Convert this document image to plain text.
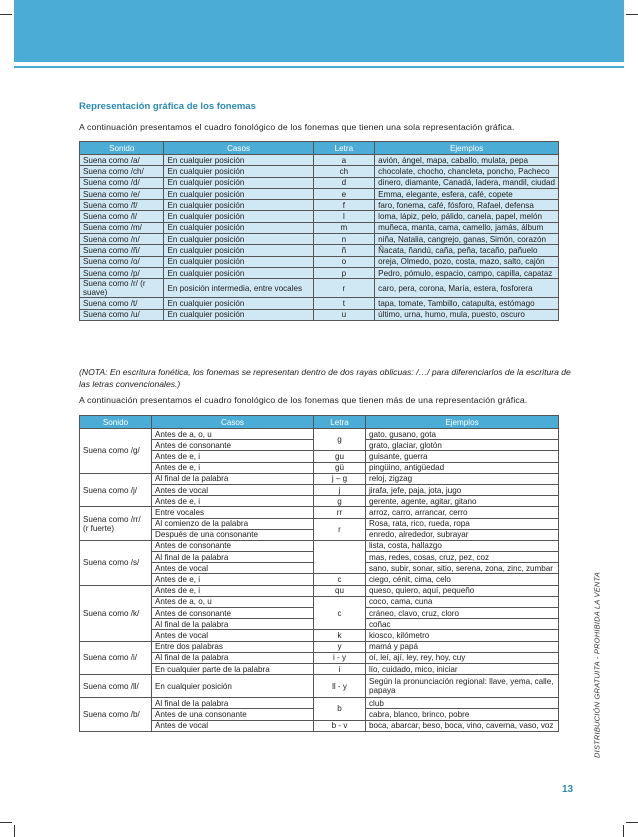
Representación gráfica de los fonemas
A continuación presentamos el cuadro fonológico de los fonemas que tienen una sola representación gráfica.
Sonido	Casos	Letra	Ejemplos
Suena como /a/	En cualquier posición	a	avión, ángel, mapa, caballo, mulata, pepa
Suena como /ch/	En cualquier posición	ch	chocolate, chocho, chancleta, poncho, Pacheco
Suena como /d/	En cualquier posición	d	dinero, diamante, Canadá, ladera, mandil, ciudad
Suena como /e/	En cualquier posición	e	Emma, elegante, esfera, café, copete
Suena como /f/	En cualquier posición	f	faro, fonema, café, fósforo, Rafael, defensa
Suena como /l/	En cualquier posición	l	loma, lápiz, pelo, pálido, canela, papel, melón
Suena como /m/	En cualquier posición	m	muñeca, manta, cama, camello, jamás, álbum
Suena como /n/	En cualquier posición	n	niña, Natalia, cangrejo, ganas, Simón, corazón
Suena como /ñ/	En cualquier posición	ñ	Ñacata, ñandú, caña, peña, tacaño, pañuelo
Suena como /o/	En cualquier posición	o	oreja, Olmedo, pozo, costa, mazo, salto, cajón
Suena como /p/	En cualquier posición	p	Pedro, pómulo, espacio, campo, capilla, capataz
Suena como /r/ (r suave)	En posición intermedia, entre vocales	r	caro, pera, corona, María, estera, fosforera
Suena como /t/	En cualquier posición	t	tapa, tomate, Tambillo, catapulta, estómago
Suena como /u/	En cualquier posición	u	último, urna, humo, mula, puesto, oscuro
(NOTA: En escritura fonética, los fonemas se representan dentro de dos rayas oblicuas: /…/ para diferenciarlos de la escritura de las letras convencionales.)
A continuación presentamos el cuadro fonológico de los fonemas que tienen más de una representación gráfica.
Sonido	Casos	Letra	Ejemplos
Suena como /g/	Antes de a, o, u	g	gato, gusano, gota
	Antes de consonante		grato, glaciar, glotón
	Antes de e, i	gu	guisante, guerra
	Antes de e, i	gü	pingüino, antigüedad
Suena como /j/	Al final de la palabra	j – g	reloj, zigzag
	Antes de vocal	j	jirafa, jefe, paja, jota, jugo
	Antes de e, i	g	gerente, agente, agitar, gitano
Suena como /rr/ (r fuerte)	Entre vocales	rr	arroz, carro, arrancar, cerro
	Al comienzo de la palabra	r	Rosa, rata, rico, rueda, ropa
	Después de una consonante		enredo, alrededor, subrayar
Suena como /s/	Antes de consonante		lista, costa, hallazgo
	Al final de la palabra		mas, redes, cosas, cruz, pez, coz
	Antes de vocal		sano, subir, sonar, sitio, serena, zona, zinc, zumbar
	Antes de e, i	c	ciego, cénit, cima, celo
Suena como /k/	Antes de e, i	qu	queso, quiero, aquí, pequeño
	Antes de a, o, u	c	coco, cama, cuna
	Antes de consonante		cráneo, clavo, cruz, cloro
	Al final de la palabra		coñac
	Antes de vocal	k	kiosco, kilómetro
Suena como /i/	Entre dos palabras	y	mamá y papá
	Al final de la palabra	i - y	oí, leí, ají, ley, rey, hoy, cuy
	En cualquier parte de la palabra	i	lío, cuidado, mico, iniciar
Suena como /ll/	En cualquier posición	ll - y	Según la pronunciación regional: llave, yema, calle, papaya
Suena como /b/	Al final de la palabra	b	club
	Antes de una consonante		cabra, blanco, brinco, pobre
	Antes de vocal	b - v	boca, abarcar, beso, boca, vino, caverna, vaso, voz	DISTRIBUCIÓN GRATUITA - PROHIBIDA LA VENTA
13
